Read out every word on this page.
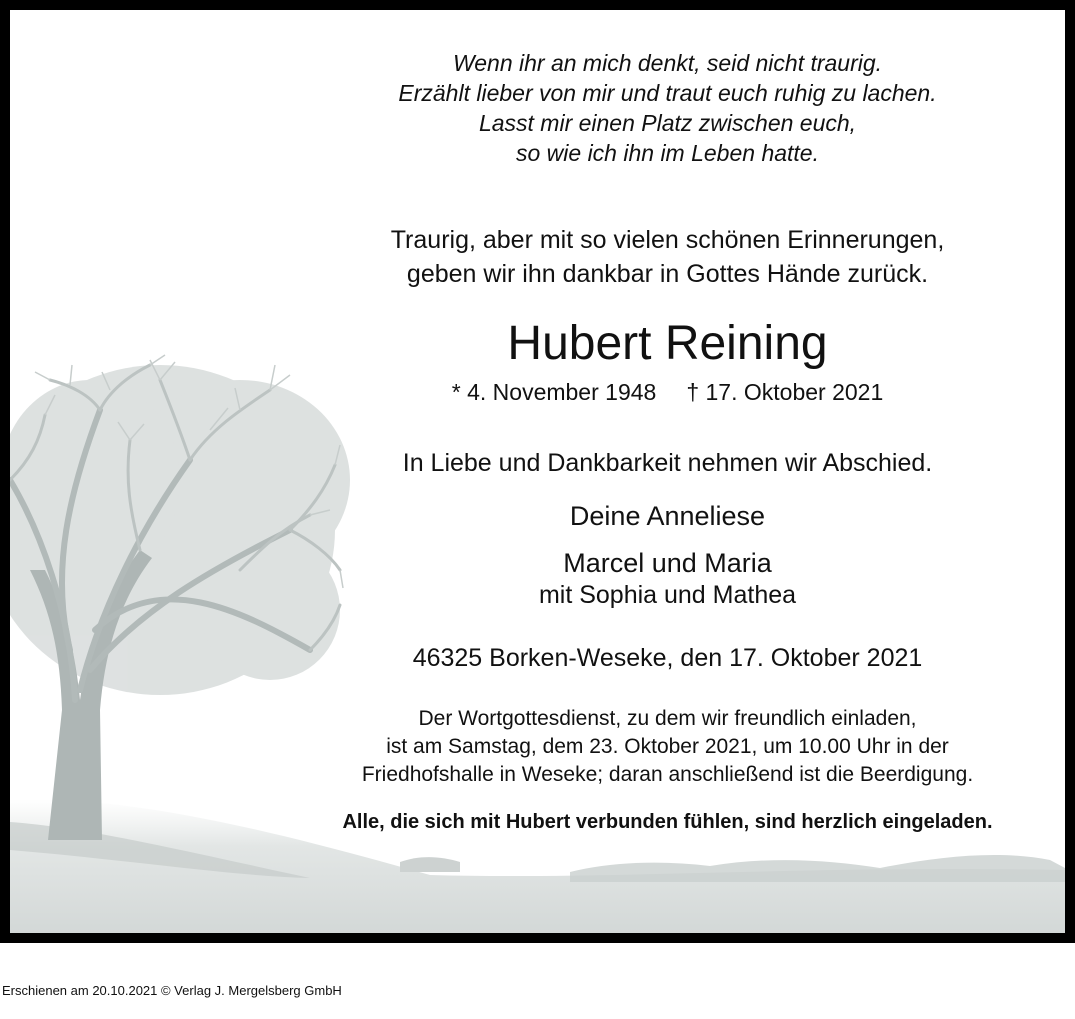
Wenn ihr an mich denkt, seid nicht traurig.
Erzählt lieber von mir und traut euch ruhig zu lachen.
Lasst mir einen Platz zwischen euch,
so wie ich ihn im Leben hatte.
Traurig, aber mit so vielen schönen Erinnerungen,
geben wir ihn dankbar in Gottes Hände zurück.
Hubert Reining
* 4. November 1948 † 17. Oktober 2021
In Liebe und Dankbarkeit nehmen wir Abschied.
Deine Anneliese
Marcel und Maria
mit Sophia und Mathea
46325 Borken-Weseke, den 17. Oktober 2021
Der Wortgottesdienst, zu dem wir freundlich einladen,
ist am Samstag, dem 23. Oktober 2021, um 10.00 Uhr in der
Friedhofshalle in Weseke; daran anschließend ist die Beerdigung.
Alle, die sich mit Hubert verbunden fühlen, sind herzlich eingeladen.
Erschienen am 20.10.2021 © Verlag J. Mergelsberg GmbH
